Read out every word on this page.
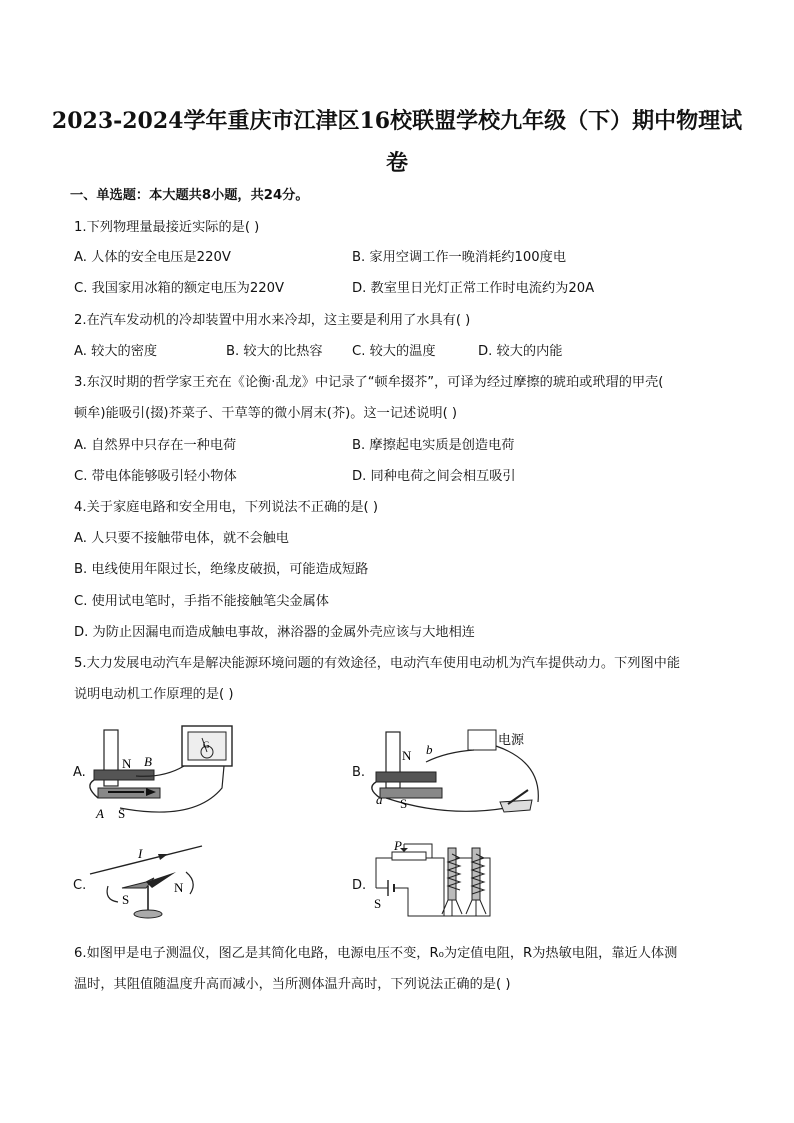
2023-2024学年重庆市江津区16校联盟学校九年级（下）期中物理试
卷
一、单选题：本大题共8小题，共24分。
1.下列物理量最接近实际的是( )
A. 人体的安全电压是220V	B. 家用空调工作一晚消耗约100度电
C. 我国家用冰箱的额定电压为220V	D. 教室里日光灯正常工作时电流约为20A
2.在汽车发动机的冷却装置中用水来冷却，这主要是利用了水具有( )
A. 较大的密度	B. 较大的比热容 C. 较大的温度	D. 较大的内能
3.东汉时期的哲学家王充在《论衡·乱龙》中记录了“顿牟掇芥”，可译为经过摩擦的琥珀或玳瑁的甲壳(
顿牟)能吸引(掇)芥菜子、干草等的微小屑末(芥)。这一记述说明( )
A. 自然界中只存在一种电荷	B. 摩擦起电实质是创造电荷
C. 带电体能够吸引轻小物体	D. 同种电荷之间会相互吸引
4.关于家庭电路和安全用电，下列说法不正确的是( )
A. 人只要不接触带电体，就不会触电
B. 电线使用年限过长，绝缘皮破损，可能造成短路
C. 使用试电笔时，手指不能接触笔尖金属体
D. 为防止因漏电而造成触电事故，淋浴器的金属外壳应该与大地相连
5.大力发展电动汽车是解决能源环境问题的有效途径，电动汽车使用电动机为汽车提供动力。下列图中能
说明电动机工作原理的是( )
A.
N
S
B
A
G
B.
N
S
b
a
电源
C.
I
S
N	D.
P
S
6.如图甲是电子测温仪，图乙是其简化电路，电源电压不变，R₀为定值电阻，R为热敏电阻，靠近人体测
温时，其阻值随温度升高而减小，当所测体温升高时，下列说法正确的是( )
